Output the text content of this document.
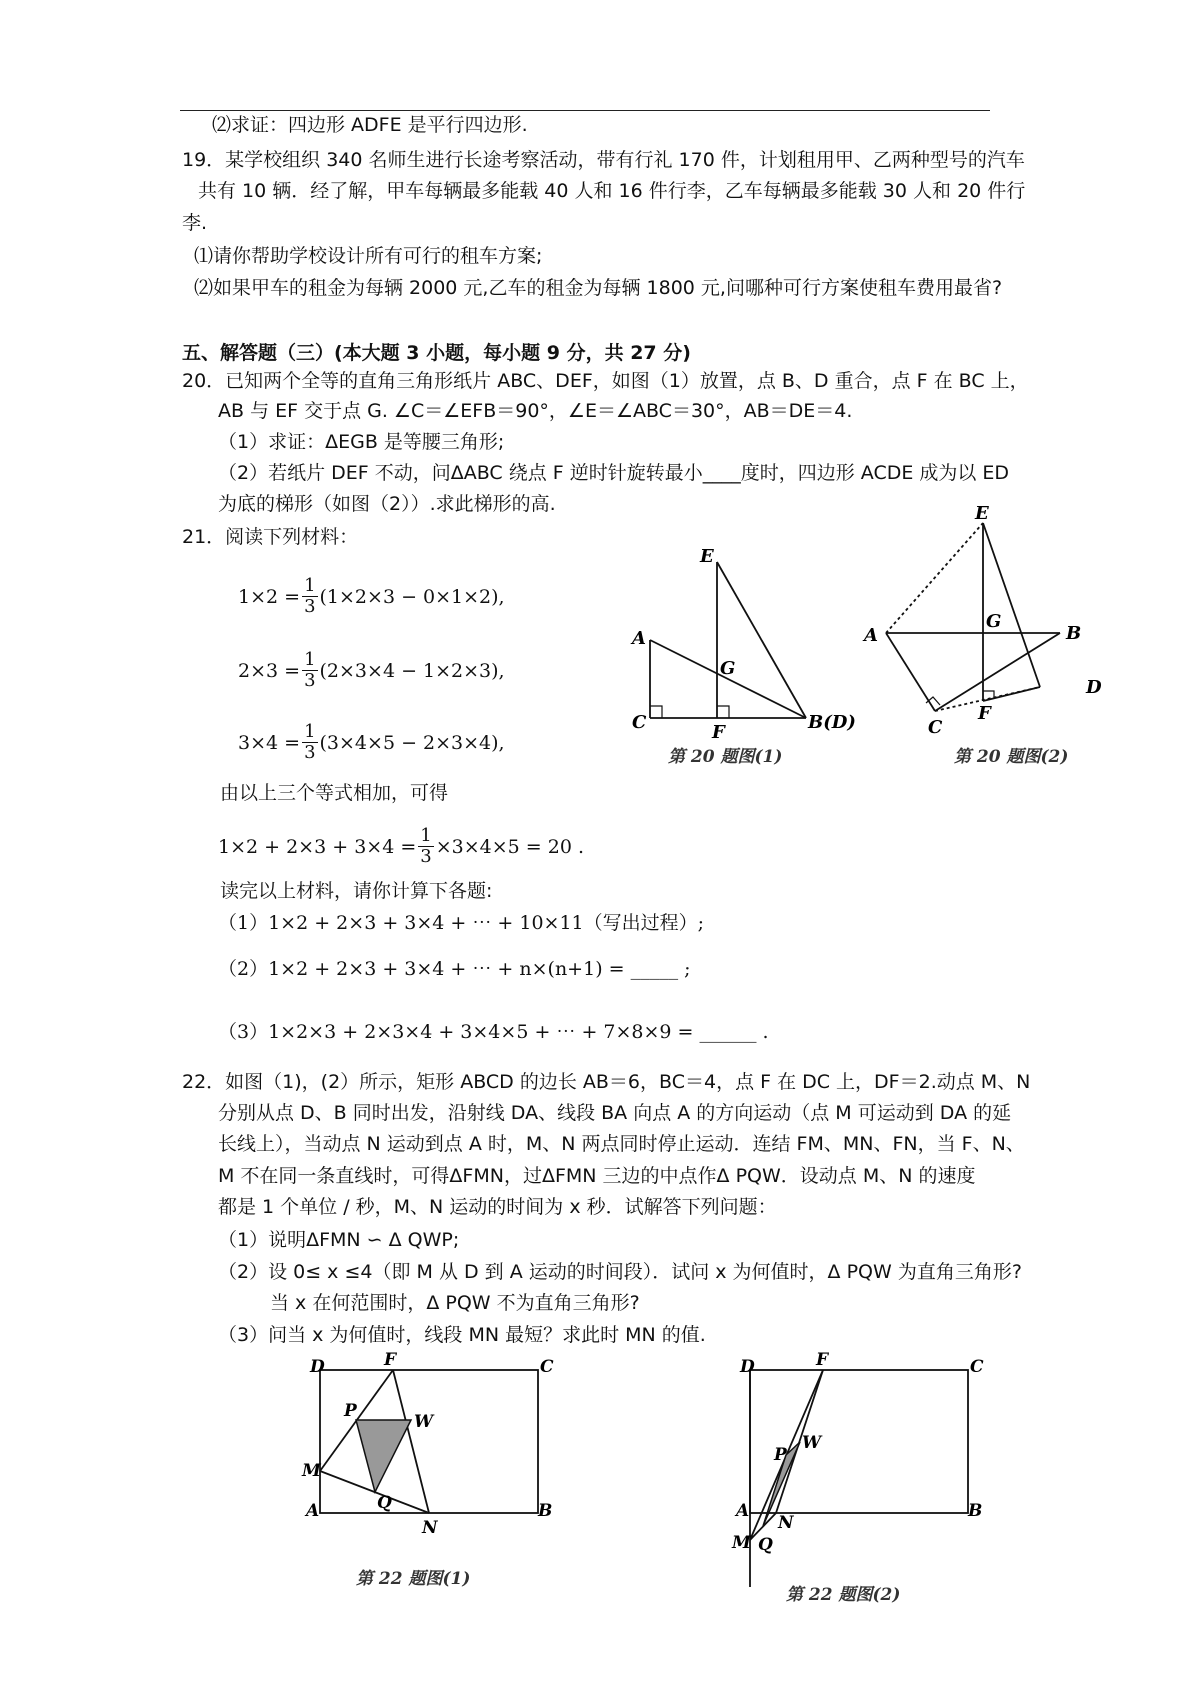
⑵求证：四边形 ADFE 是平行四边形.
19．某学校组织 340 名师生进行长途考察活动，带有行礼 170 件，计划租用甲、乙两种型号的汽车
共有 10 辆．经了解，甲车每辆最多能载 40 人和 16 件行李，乙车每辆最多能载 30 人和 20 件行
李.
⑴请你帮助学校设计所有可行的租车方案;
⑵如果甲车的租金为每辆 2000 元,乙车的租金为每辆 1800 元,问哪种可行方案使租车费用最省?
五、解答题（三）(本大题 3 小题，每小题 9 分，共 27 分)
20．已知两个全等的直角三角形纸片 ABC、DEF，如图（1）放置，点 B、D 重合，点 F 在 BC 上，
AB 与 EF 交于点 G. ∠C＝∠EFB＝90°，∠E＝∠ABC＝30°，AB＝DE＝4.
（1）求证：ΔEGB 是等腰三角形;
（2）若纸片 DEF 不动，问ΔABC 绕点 F 逆时针旋转最小____度时，四边形 ACDE 成为以 ED
为底的梯形（如图（2））.求此梯形的高.
21．阅读下列材料：
$1\times 2 = \frac{1}{3} (1\times 2\times 3 - 0\times 1\times 2)$,
$2\times 3 = \frac{1}{3} (2\times 3\times 4 - 1\times 2\times 3)$,
$3\times 4 = \frac{1}{3} (3\times 4\times 5 - 2\times 3\times 4)$,
由以上三个等式相加，可得
$1\times 2 + 2\times 3 + 3\times 4 = \frac{1}{3} \times 3\times 4\times 5 = 20$ .
读完以上材料，请你计算下各题:
（1）1×2 + 2×3 + 3×4 + ⋯ + 10×11（写出过程）;
（2）1×2 + 2×3 + 3×4 + ⋯ + n×(n+1) = _____ ;
（3）1×2×3 + 2×3×4 + 3×4×5 + ⋯ + 7×8×9 = ______ .
22．如图（1)，(2）所示，矩形 ABCD 的边长 AB＝6，BC＝4，点 F 在 DC 上，DF＝2.动点 M、N
分别从点 D、B 同时出发，沿射线 DA、线段 BA 向点 A 的方向运动（点 M 可运动到 DA 的延
长线上），当动点 N 运动到点 A 时，M、N 两点同时停止运动．连结 FM、MN、FN，当 F、N、
M 不在同一条直线时，可得ΔFMN，过ΔFMN 三边的中点作Δ PQW．设动点 M、N 的速度
都是 1 个单位 / 秒，M、N 运动的时间为 x 秒．试解答下列问题：
（1）说明ΔFMN ∽ Δ QWP;
（2）设 0≤ x ≤4（即 M 从 D 到 A 运动的时间段）．试问 x 为何值时，Δ PQW 为直角三角形?
当 x 在何范围时，Δ PQW 不为直角三角形?
（3）问当 x 为何值时，线段 MN 最短？求此时 MN 的值.
E
A
G
C	F	B(D)
第 20 题图(1)
E
A
G
B
F
D
C
第 20 题图(2)
D	F	C
P
W
M
Q
A
N
B
第 22 题图(1)
D	F	C
W
P
A
N
B
M Q
第 22 题图(2)
